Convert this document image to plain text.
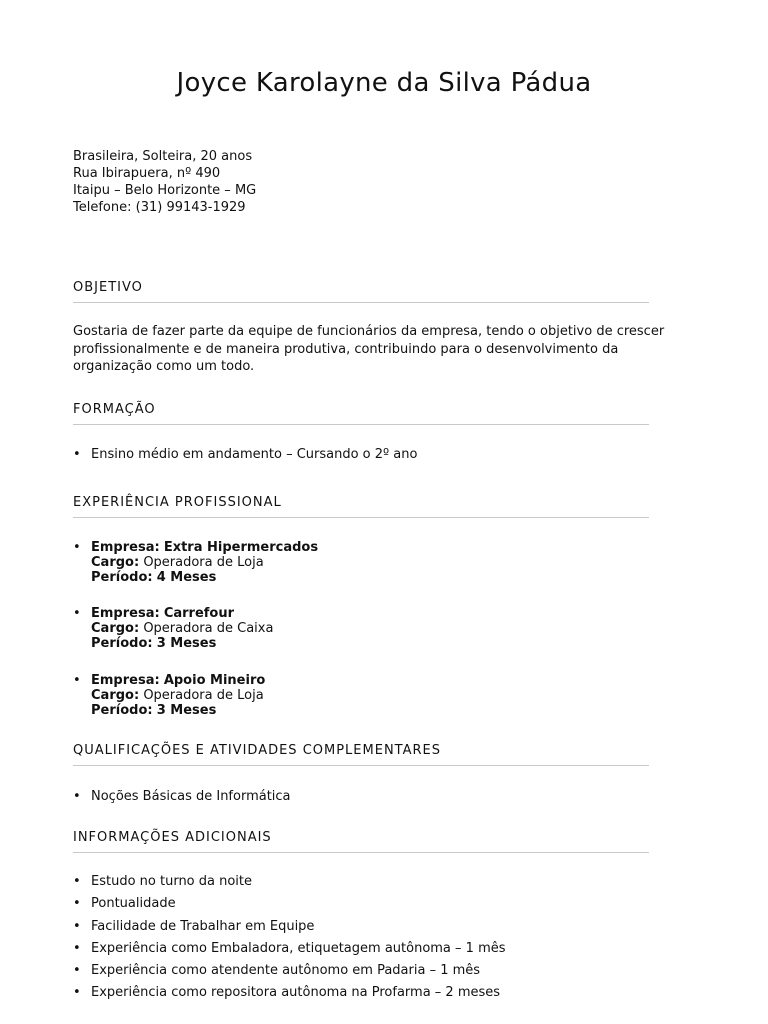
Joyce Karolayne da Silva Pádua
Brasileira, Solteira, 20 anos
Rua Ibirapuera, nº 490
Itaipu – Belo Horizonte – MG
Telefone: (31) 99143-1929
OBJETIVO
Gostaria de fazer parte da equipe de funcionários da empresa, tendo o objetivo de crescer profissionalmente e de maneira produtiva, contribuindo para o desenvolvimento da organização como um todo.
FORMAÇÃO
• Ensino médio em andamento – Cursando o 2º ano
EXPERIÊNCIA PROFISSIONAL
• Empresa: Extra Hipermercados
Cargo: Operadora de Loja
Período: 4 Meses
• Empresa: Carrefour
Cargo: Operadora de Caixa
Período: 3 Meses
• Empresa: Apoio Mineiro
Cargo: Operadora de Loja
Período: 3 Meses
QUALIFICAÇÕES E ATIVIDADES COMPLEMENTARES
• Noções Básicas de Informática
INFORMAÇÕES ADICIONAIS
• Estudo no turno da noite
• Pontualidade
• Facilidade de Trabalhar em Equipe
• Experiência como Embaladora, etiquetagem autônoma – 1 mês
• Experiência como atendente autônomo em Padaria – 1 mês
• Experiência como repositora autônoma na Profarma – 2 meses
